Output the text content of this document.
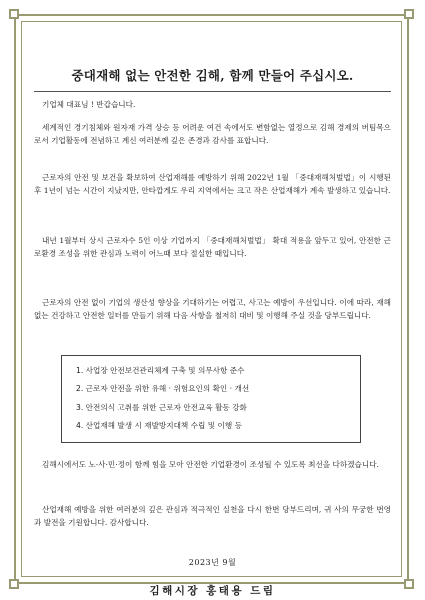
중대재해 없는 안전한 김해, 함께 만들어 주십시오.

기업체 대표님 ! 반갑습니다.

세계적인 경기침체와 원자재 가격 상승 등 어려운 여건 속에서도 변함없는 열정으로 김해 경제의 버팀목으로서 기업활동에 전념하고 계신 여러분께 깊은 존경과 감사를 표합니다.

근로자의 안전 및 보건을 확보하여 산업재해를 예방하기 위해 2022년 1월 「중대재해처벌법」이 시행된 후 1년이 넘는 시간이 지났지만, 안타깝게도 우리 지역에서는 크고 작은 산업재해가 계속 발생하고 있습니다.

내년 1월부터 상시 근로자수 5인 이상 기업까지 「중대재해처벌법」 확대 적용을 앞두고 있어, 안전한 근로환경 조성을 위한 관심과 노력이 어느때 보다 절실한 때입니다.

근로자의 안전 없이 기업의 생산성 향상을 기대하기는 어렵고, 사고는 예방이 우선입니다. 이에 따라, 재해없는 건강하고 안전한 일터를 만들기 위해 다음 사항을 철저히 대비 및 이행해 주실 것을 당부드립니다.

1. 사업장 안전보건관리체계 구축 및 의무사항 준수
2. 근로자 안전을 위한 유해 · 위험요인의 확인 · 개선
3. 안전의식 고취를 위한 근로자 안전교육 활동 강화
4. 산업재해 발생 시 재발방지대책 수립 및 이행 등

김해시에서도 노·사·민·정이 함께 힘을 모아 안전한 기업환경이 조성될 수 있도록 최선을 다하겠습니다.

산업재해 예방을 위한 여러분의 깊은 관심과 적극적인 실천을 다시 한번 당부드리며, 귀 사의 무궁한 번영과 발전을 기원합니다. 감사합니다.

2023년 9월
김해시장 홍태용 드림
